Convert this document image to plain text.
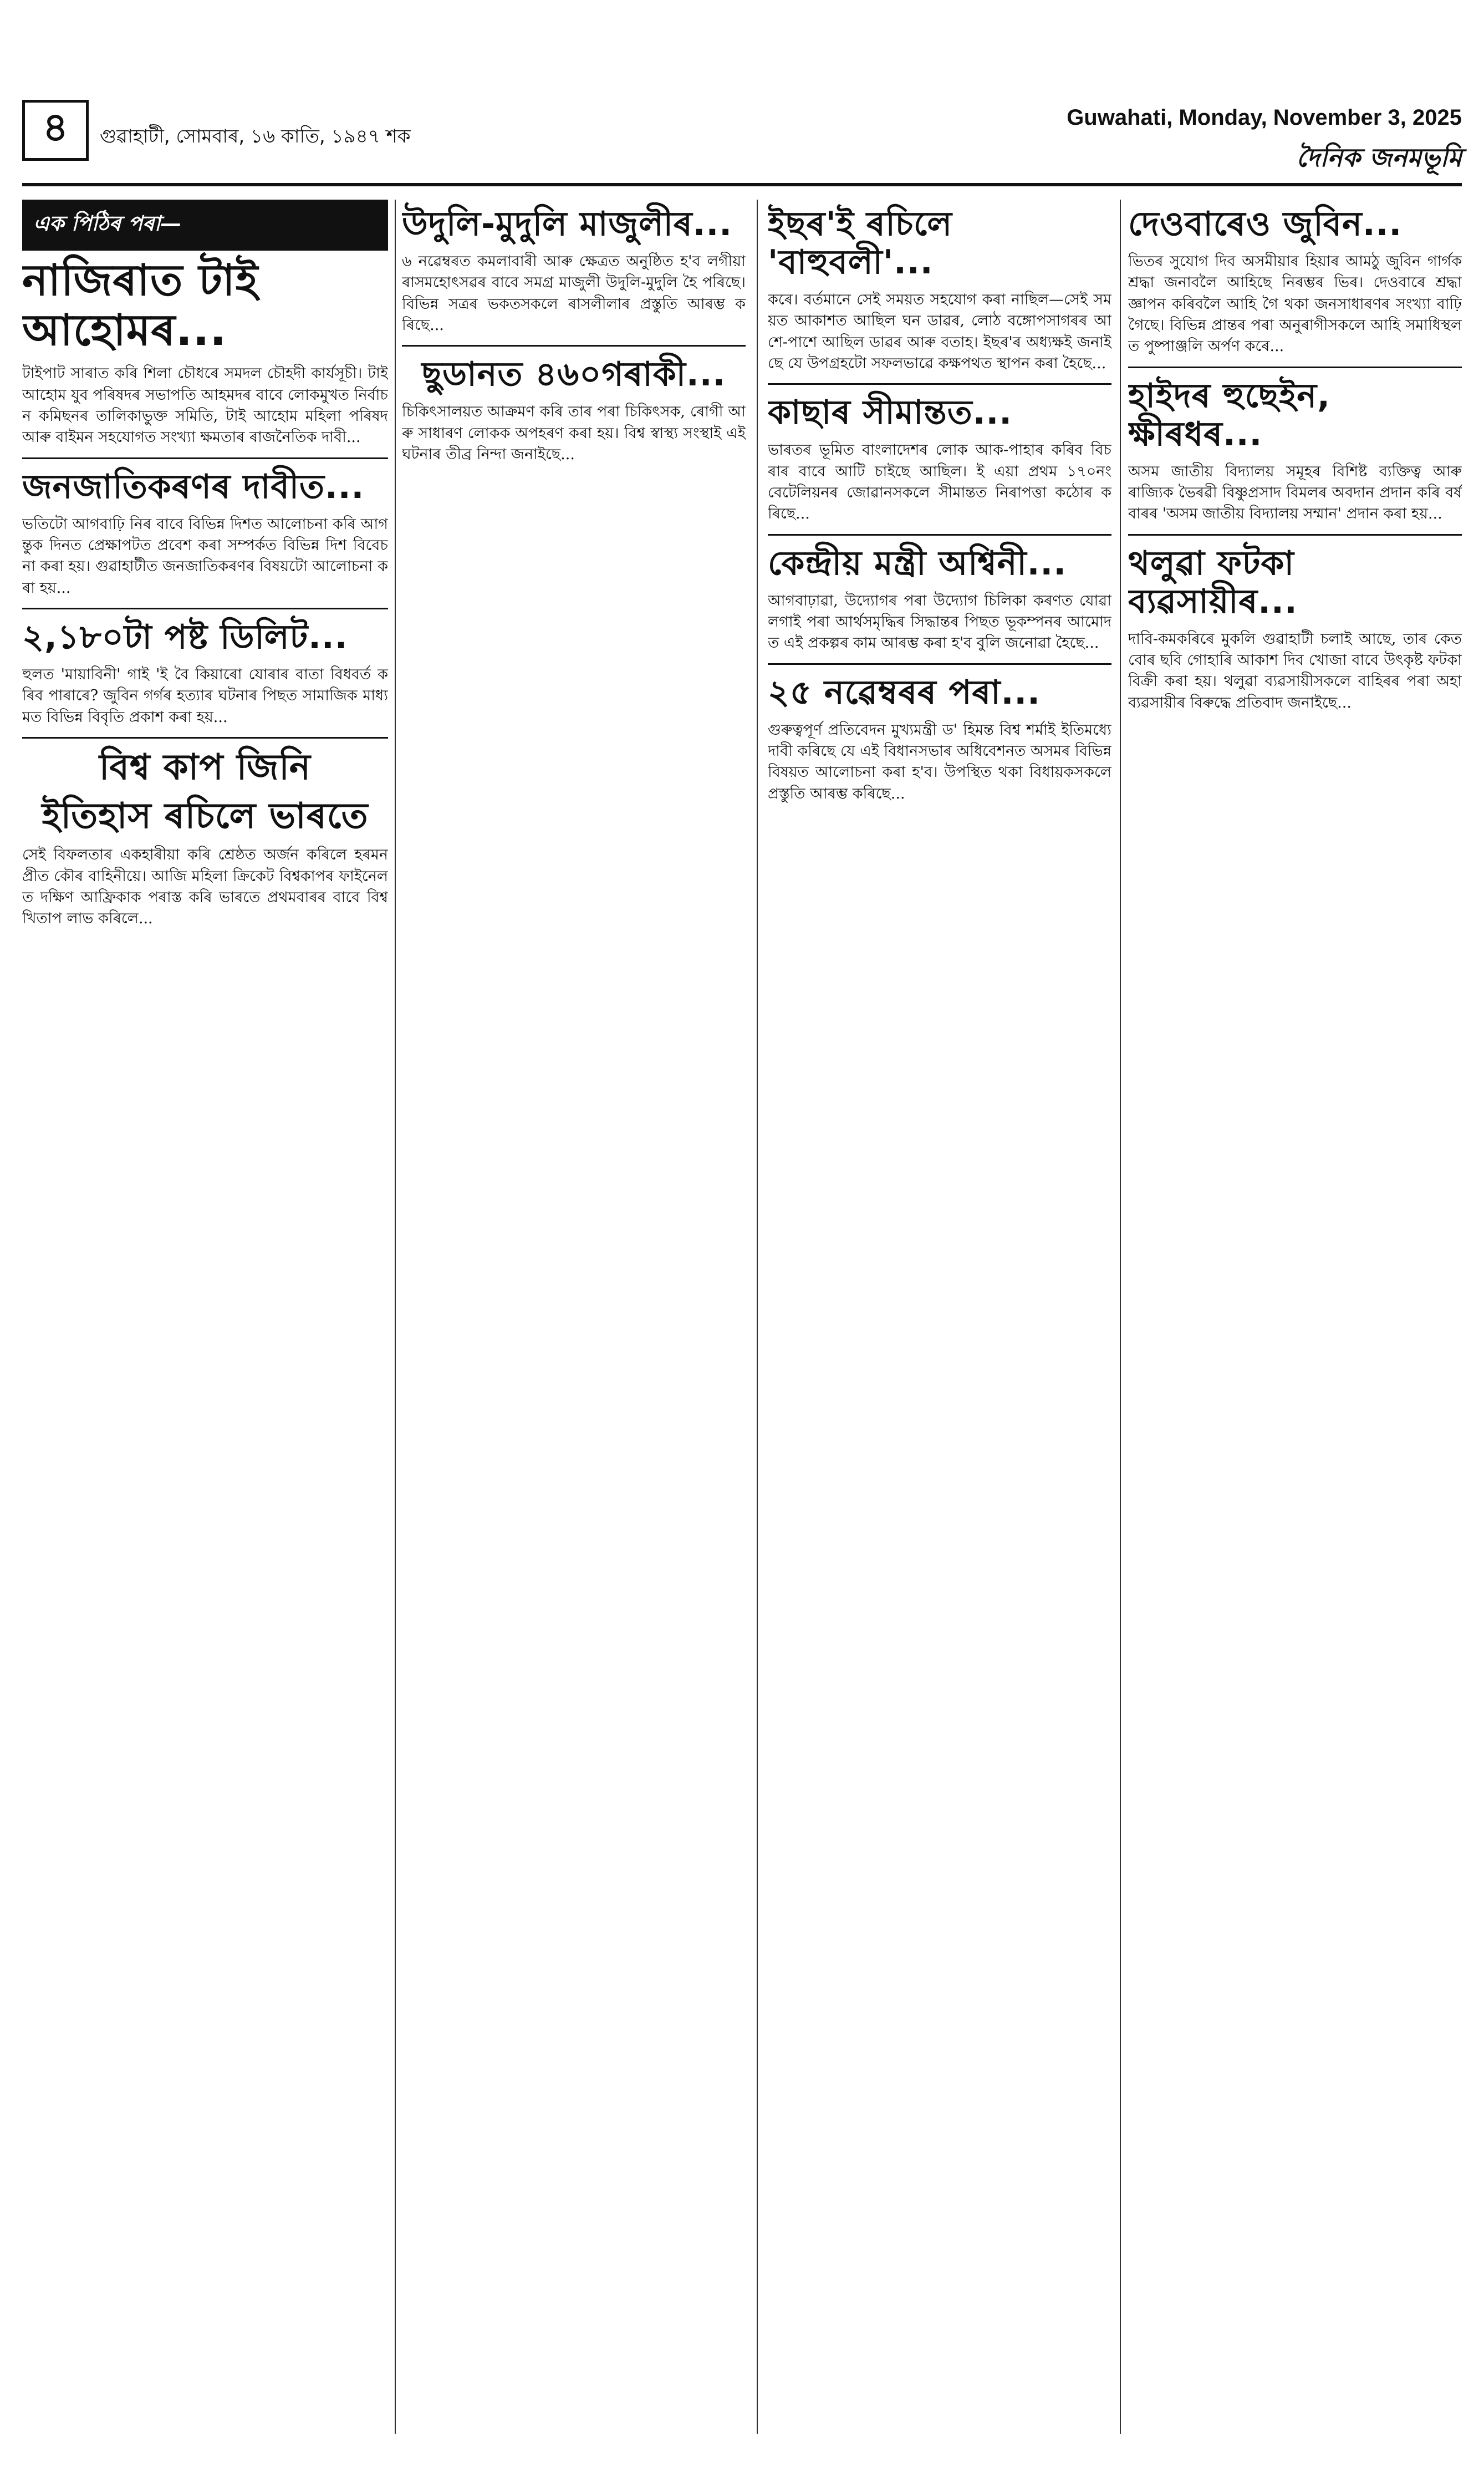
৪	গুৱাহাটী, সোমবাৰ, ১৬ কাতি, ১৯৪৭ শক
Guwahati, Monday, November 3, 2025
দৈনিক জনমভূমি
এক পিঠিৰ পৰা—
নাজিৰাত টাই আহোমৰ...

টাইপাট সাৰাত কৰি শিলা চৌধৰে সমদল চৌহদী কাৰ্যসূচী। টাই আহোম যুব পৰিষদৰ সভাপতি আহমদৰ বাবে লোকমুখত নিৰ্বাচন কমিছনৰ তালিকাভুক্ত সমিতি, টাই আহোম মহিলা পৰিষদ আৰু বাইমন সহযোগত সংখ্যা ক্ষমতাৰ ৰাজনৈতিক দাবী...

জনজাতিকৰণৰ দাবীত...

ভতিটো আগবাঢ়ি নিৰ বাবে বিভিন্ন দিশত আলোচনা কৰি আগন্তুক দিনত প্ৰেক্ষাপটত প্ৰবেশ কৰা সম্পৰ্কত বিভিন্ন দিশ বিবেচনা কৰা হয়। গুৱাহাটীত জনজাতিকৰণৰ বিষয়টো আলোচনা কৰা হয়...

২,১৮০টা পষ্ট ডিলিট...

হুলত 'মায়াবিনী' গাই 'ই বৈ কিয়াৰো যোৰাৰ বাতা বিধবৰ্ত কৰিব পাৰাৰে? জুবিন গৰ্গৰ হত্যাৰ ঘটনাৰ পিছত সামাজিক মাধ্যমত বিভিন্ন বিবৃতি প্ৰকাশ কৰা হয়...

বিশ্ব কাপ জিনি
ইতিহাস ৰচিলে ভাৰতে

সেই বিফলতাৰ একহাৰীয়া কৰি শ্ৰেষ্ঠত অৰ্জন কৰিলে হৰমনপ্ৰীত কৌৰ বাহিনীয়ে। আজি মহিলা ক্ৰিকেট বিশ্বকাপৰ ফাইনেলত দক্ষিণ আফ্ৰিকাক পৰাস্ত কৰি ভাৰতে প্ৰথমবাৰৰ বাবে বিশ্ব খিতাপ লাভ কৰিলে...

উদুলি-মুদুলি মাজুলীৰ...

৬ নৱেম্বৰত কমলাবাৰী আৰু ক্ষেত্ৰত অনুষ্ঠিত হ'ব লগীয়া ৰাসমহোৎসৱৰ বাবে সমগ্ৰ মাজুলী উদুলি-মুদুলি হৈ পৰিছে। বিভিন্ন সত্ৰৰ ভকতসকলে ৰাসলীলাৰ প্ৰস্তুতি আৰম্ভ কৰিছে...

ছুডানত ৪৬০গৰাকী...

চিকিৎসালয়ত আক্ৰমণ কৰি তাৰ পৰা চিকিৎসক, ৰোগী আৰু সাধাৰণ লোকক অপহৰণ কৰা হয়। বিশ্ব স্বাস্থ্য সংস্থাই এই ঘটনাৰ তীব্ৰ নিন্দা জনাইছে...

ইছৰ'ই ৰচিলে 'বাহুবলী'...

কৰে। বৰ্তমানে সেই সময়ত সহযোগ কৰা নাছিল—সেই সময়ত আকাশত আছিল ঘন ডাৱৰ, লোঠ বঙ্গোপসাগৰৰ আশে-পাশে আছিল ডাৱৰ আৰু বতাহ। ইছৰ'ৰ অধ্যক্ষই জনাইছে যে উপগ্ৰহটো সফলভাৱে কক্ষপথত স্থাপন কৰা হৈছে...

কাছাৰ সীমান্তত...

ভাৰতৰ ভূমিত বাংলাদেশৰ লোক আক-পাহাৰ কৰিব বিচৰাৰ বাবে আটি চাইছে আছিল। ই এয়া প্ৰথম ১৭০নং বেটেলিয়নৰ জোৱানসকলে সীমান্তত নিৰাপত্তা কঠোৰ কৰিছে...

কেন্দ্ৰীয় মন্ত্ৰী অশ্বিনী...

আগবাঢ়াৱা, উদ্যোগৰ পৰা উদ্যোগ চিলিকা কৰণত যোৱা লগাই পৰা আৰ্থসমৃদ্ধিৰ সিদ্ধান্তৰ পিছত ভূকম্পনৰ আমোদত এই প্ৰকল্পৰ কাম আৰম্ভ কৰা হ'ব বুলি জনোৱা হৈছে...

২৫ নৱেম্বৰৰ পৰা...

গুৰুত্বপূৰ্ণ প্ৰতিবেদন মুখ্যমন্ত্ৰী ড' হিমন্ত বিশ্ব শৰ্মাই ইতিমধ্যে দাবী কৰিছে যে এই বিধানসভাৰ অধিবেশনত অসমৰ বিভিন্ন বিষয়ত আলোচনা কৰা হ'ব। উপস্থিত থকা বিধায়কসকলে প্ৰস্তুতি আৰম্ভ কৰিছে...

দেওবাৰেও জুবিন...

ভিতৰ সুযোগ দিব অসমীয়াৰ হিয়াৰ আমঠু জুবিন গাৰ্গক শ্ৰদ্ধা জনাবলৈ আহিছে নিৰম্ভৰ ভিৰ। দেওবাৰে শ্ৰদ্ধা জ্ঞাপন কৰিবলৈ আহি গৈ থকা জনসাধাৰণৰ সংখ্যা বাঢ়ি গৈছে। বিভিন্ন প্ৰান্তৰ পৰা অনুৰাগীসকলে আহি সমাধিস্থলত পুষ্পাঞ্জলি অৰ্পণ কৰে...

হাইদৰ হুছেইন, ক্ষীৰধৰ...

অসম জাতীয় বিদ্যালয় সমূহৰ বিশিষ্ট ব্যক্তিত্ব আৰু ৰাজ্যিক ভৈৰৱী বিষ্ণুপ্ৰসাদ বিমলৰ অবদান প্ৰদান কৰি বৰ্ষবাৰৰ 'অসম জাতীয় বিদ্যালয় সম্মান' প্ৰদান কৰা হয়...

থলুৱা ফটকা ব্যৱসায়ীৰ...

দাবি-কমকৰিৰে মুকলি গুৱাহাটী চলাই আছে, তাৰ কেতবোৰ ছবি গোহাৰি আকাশ দিব খোজা বাবে উৎকৃষ্ট ফটকা বিক্ৰী কৰা হয়। থলুৱা ব্যৱসায়ীসকলে বাহিৰৰ পৰা অহা ব্যৱসায়ীৰ বিৰুদ্ধে প্ৰতিবাদ জনাইছে...
